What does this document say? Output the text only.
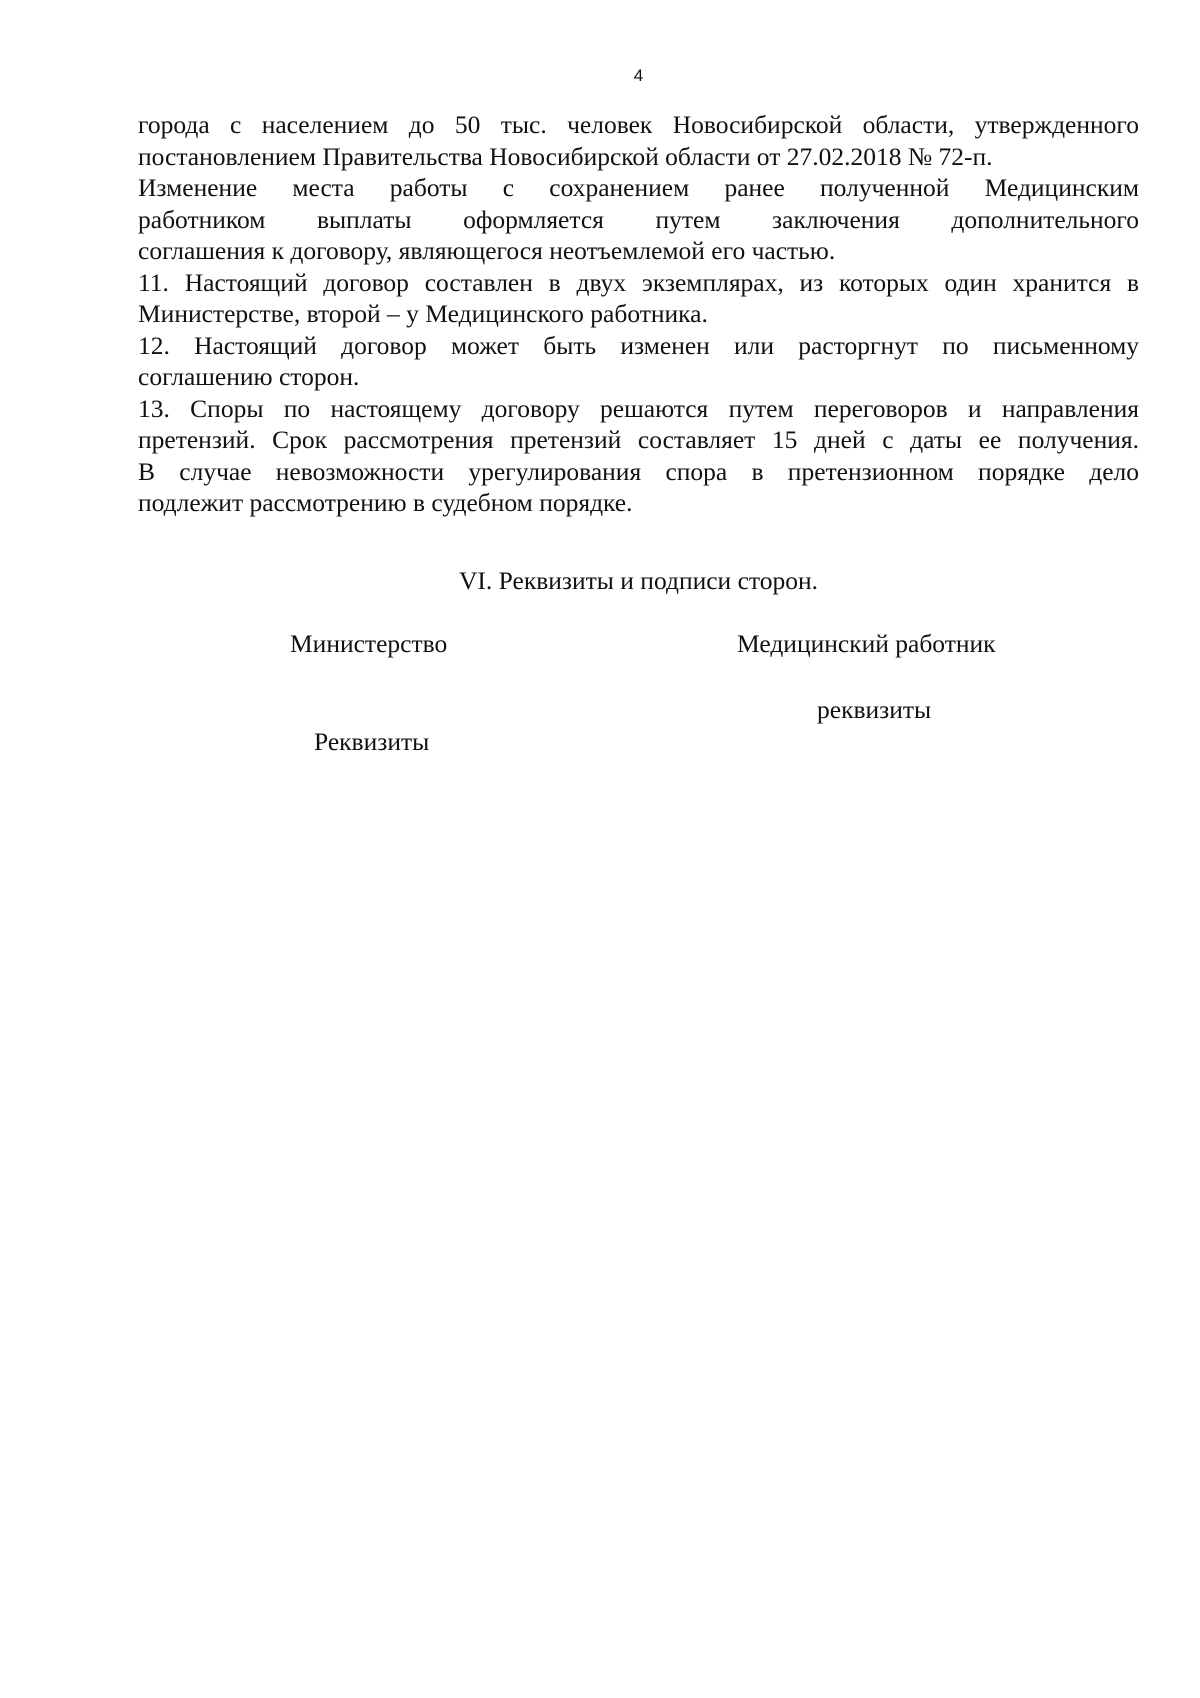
4
города с населением до 50 тыс. человек Новосибирской области, утвержденного
постановлением Правительства Новосибирской области от 27.02.2018 № 72-п.
Изменение места работы с сохранением ранее полученной Медицинским
работником выплаты оформляется путем заключения дополнительного
соглашения к договору, являющегося неотъемлемой его частью.
11. Настоящий договор составлен в двух экземплярах, из которых один хранится в
Министерстве, второй – у Медицинского работника.
12. Настоящий договор может быть изменен или расторгнут по письменному
соглашению сторон.
13. Споры по настоящему договору решаются путем переговоров и направления
претензий. Срок рассмотрения претензий составляет 15 дней с даты ее получения.
В случае невозможности урегулирования спора в претензионном порядке дело
подлежит рассмотрению в судебном порядке.
VI. Реквизиты и подписи сторон.
Министерство	Медицинский работник
реквизиты
Реквизиты
